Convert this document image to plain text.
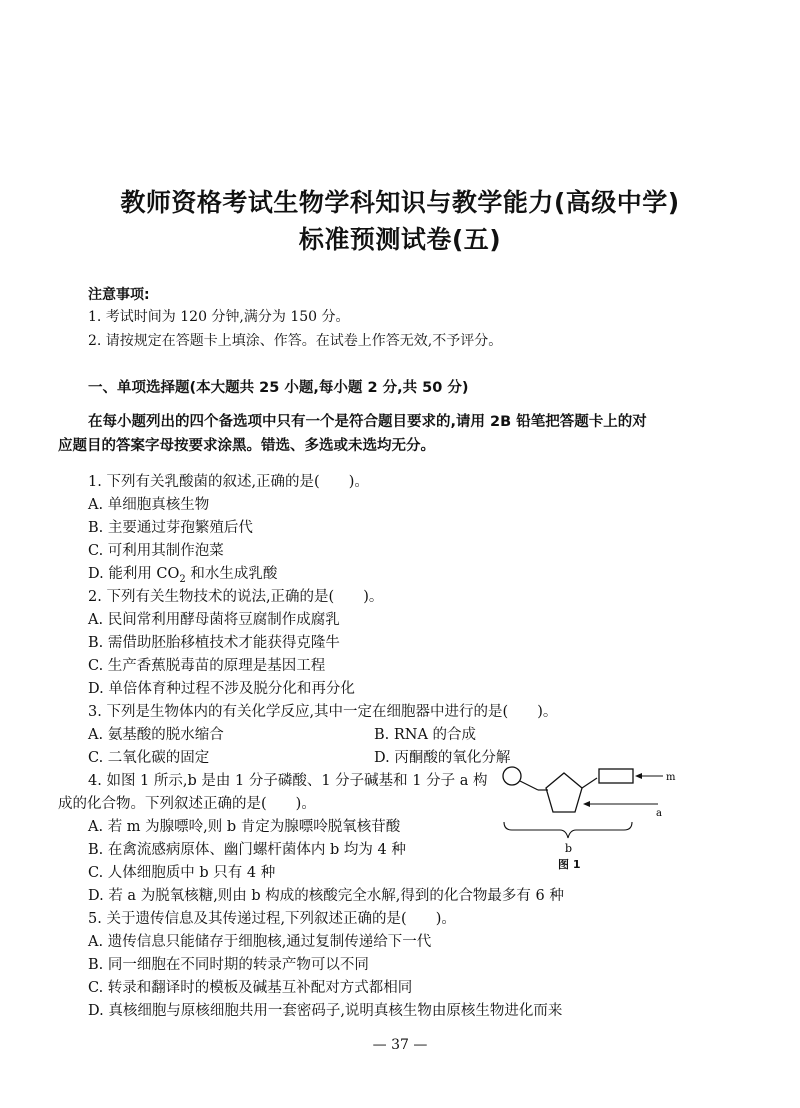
教师资格考试生物学科知识与教学能力(高级中学)
标准预测试卷(五)
注意事项:
1. 考试时间为 120 分钟,满分为 150 分。
2. 请按规定在答题卡上填涂、作答。在试卷上作答无效,不予评分。
一、单项选择题(本大题共 25 小题,每小题 2 分,共 50 分)
在每小题列出的四个备选项中只有一个是符合题目要求的,请用 2B 铅笔把答题卡上的对
应题目的答案字母按要求涂黑。错选、多选或未选均无分。
1. 下列有关乳酸菌的叙述,正确的是(　　)。
A. 单细胞真核生物
B. 主要通过芽孢繁殖后代
C. 可利用其制作泡菜
D. 能利用 $CO_2$ 和水生成乳酸
2. 下列有关生物技术的说法,正确的是(　　)。
A. 民间常利用酵母菌将豆腐制作成腐乳
B. 需借助胚胎移植技术才能获得克隆牛
C. 生产香蕉脱毒苗的原理是基因工程
D. 单倍体育种过程不涉及脱分化和再分化
3. 下列是生物体内的有关化学反应,其中一定在细胞器中进行的是(　　)。
A. 氨基酸的脱水缩合	B. RNA 的合成
C. 二氧化碳的固定	D. 丙酮酸的氧化分解
4. 如图 1 所示,b 是由 1 分子磷酸、1 分子碱基和 1 分子 a 构
成的化合物。下列叙述正确的是(　　)。
A. 若 m 为腺嘌呤,则 b 肯定为腺嘌呤脱氧核苷酸
B. 在禽流感病原体、幽门螺杆菌体内 b 均为 4 种
C. 人体细胞质中 b 只有 4 种
D. 若 a 为脱氧核糖,则由 b 构成的核酸完全水解,得到的化合物最多有 6 种
m
a
b
图 1
5. 关于遗传信息及其传递过程,下列叙述正确的是(　　)。
A. 遗传信息只能储存于细胞核,通过复制传递给下一代
B. 同一细胞在不同时期的转录产物可以不同
C. 转录和翻译时的模板及碱基互补配对方式都相同
D. 真核细胞与原核细胞共用一套密码子,说明真核生物由原核生物进化而来
— 37 —
